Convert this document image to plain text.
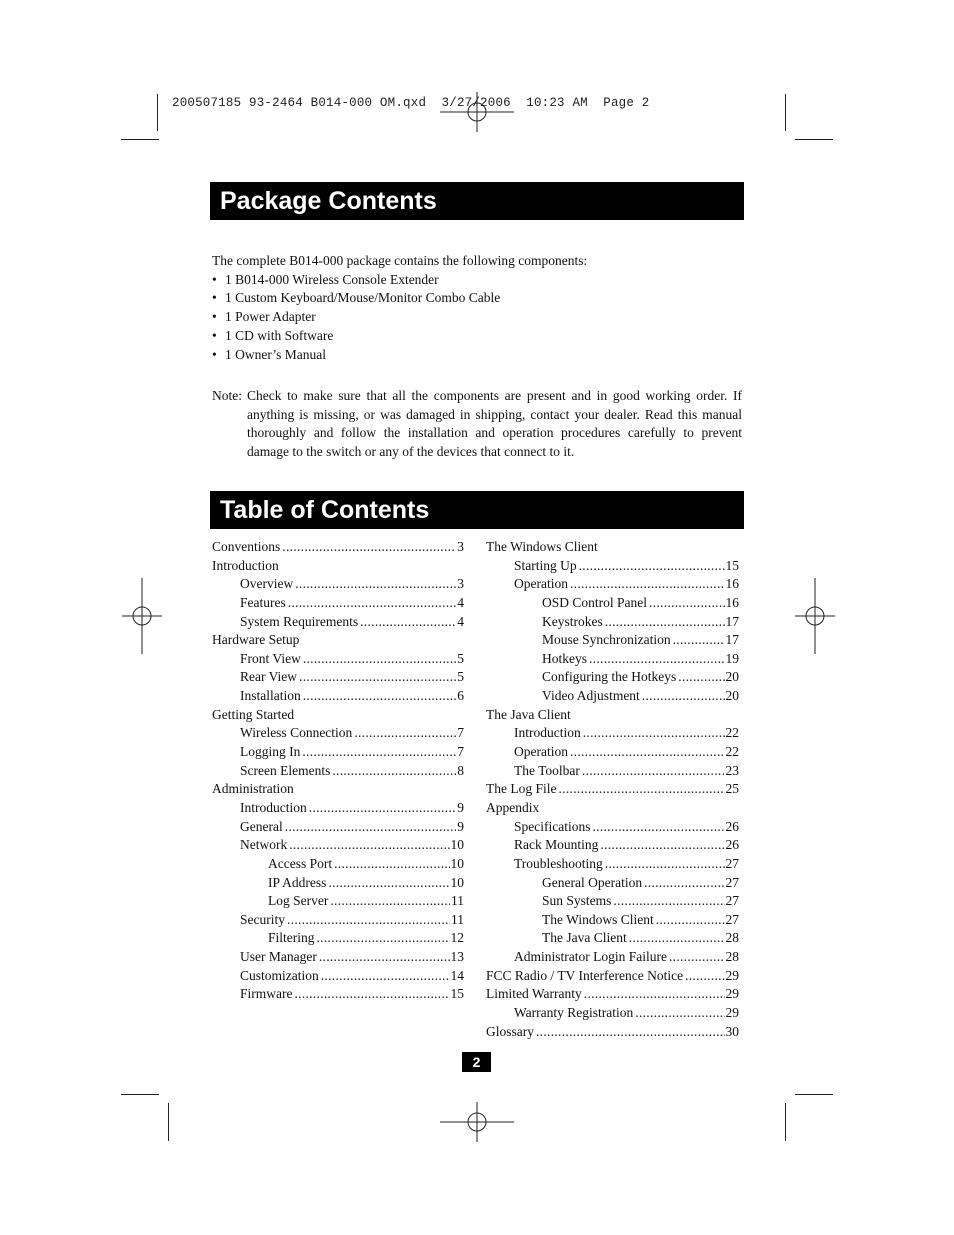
200507185 93-2464 B014-000 OM.qxd  3/27/2006  10:23 AM  Page 2
Package Contents
The complete B014-000 package contains the following components:
• 1 B014-000 Wireless Console Extender
• 1 Custom Keyboard/Mouse/Monitor Combo Cable
• 1 Power Adapter
• 1 CD with Software
• 1 Owner’s Manual
Note: Check to make sure that all the components are present and in good working order. If anything is missing, or was damaged in shipping, contact your dealer. Read this manual thoroughly and follow the installation and operation procedures carefully to prevent damage to the switch or any of the devices that connect to it.
Table of Contents
Conventions .....	3
Introduction
Overview .....	3
Features .....	4
System Requirements .....	4
Hardware Setup
Front View .....	5
Rear View .....	5
Installation .....	6
Getting Started
Wireless Connection .....	7
Logging In .....	7
Screen Elements .....	8
Administration
Introduction .....	9
General .....	9
Network .....	10
Access Port .....	10
IP Address .....	10
Log Server .....	11
Security .....	11
Filtering .....	12
User Manager .....	13
Customization .....	14
Firmware .....	15
The Windows Client
Starting Up .....	15
Operation .....	16
OSD Control Panel .....	16
Keystrokes .....	17
Mouse Synchronization .....	17
Hotkeys .....	19
Configuring the Hotkeys .....	20
Video Adjustment .....	20
The Java Client
Introduction .....	22
Operation .....	22
The Toolbar .....	23
The Log File .....	25
Appendix
Specifications .....	26
Rack Mounting .....	26
Troubleshooting .....	27
General Operation .....	27
Sun Systems .....	27
The Windows Client .....	27
The Java Client .....	28
Administrator Login Failure .....	28
FCC Radio / TV Interference Notice .....	29
Limited Warranty .....	29
Warranty Registration .....	29
Glossary .....	30
2
